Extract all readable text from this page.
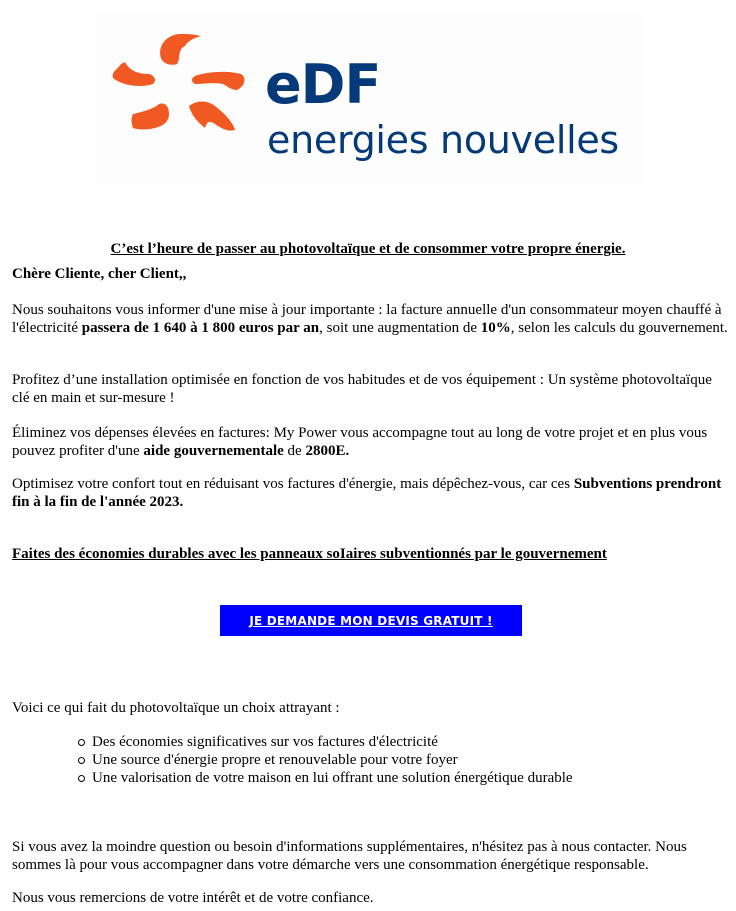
eDF
energies nouvelles
C’est l’heure de passer au photovoltaïque et de consommer votre propre énergie.
Chère Cliente, cher Client,,
Nous souhaitons vous informer d'une mise à jour importante : la facture annuelle d'un consommateur moyen chauffé à l'électricité passera de 1 640 à 1 800 euros par an, soit une augmentation de 10%, selon les calculs du gouvernement.
Profitez d’une installation optimisée en fonction de vos habitudes et de vos équipement : Un système photovoltaïque clé en main et sur-mesure !
Éliminez vos dépenses élevées en factures: My Power vous accompagne tout au long de votre projet et en plus vous pouvez profiter d'une aide gouvernementale de 2800E.
Optimisez votre confort tout en réduisant vos factures d'énergie, mais dépêchez-vous, car ces Subventions prendront fin à la fin de l'année 2023.
Faites des économies durables avec les panneaux soIaires subventionnés par le gouvernement
JE DEMANDE MON DEVIS GRATUIT !
Voici ce qui fait du photovoltaïque un choix attrayant :
Des économies significatives sur vos factures d'électricité
Une source d'énergie propre et renouvelable pour votre foyer
Une valorisation de votre maison en lui offrant une solution énergétique durable
Si vous avez la moindre question ou besoin d'informations supplémentaires, n'hésitez pas à nous contacter. Nous sommes là pour vous accompagner dans votre démarche vers une consommation énergétique responsable.
Nous vous remercions de votre intérêt et de votre confiance.
